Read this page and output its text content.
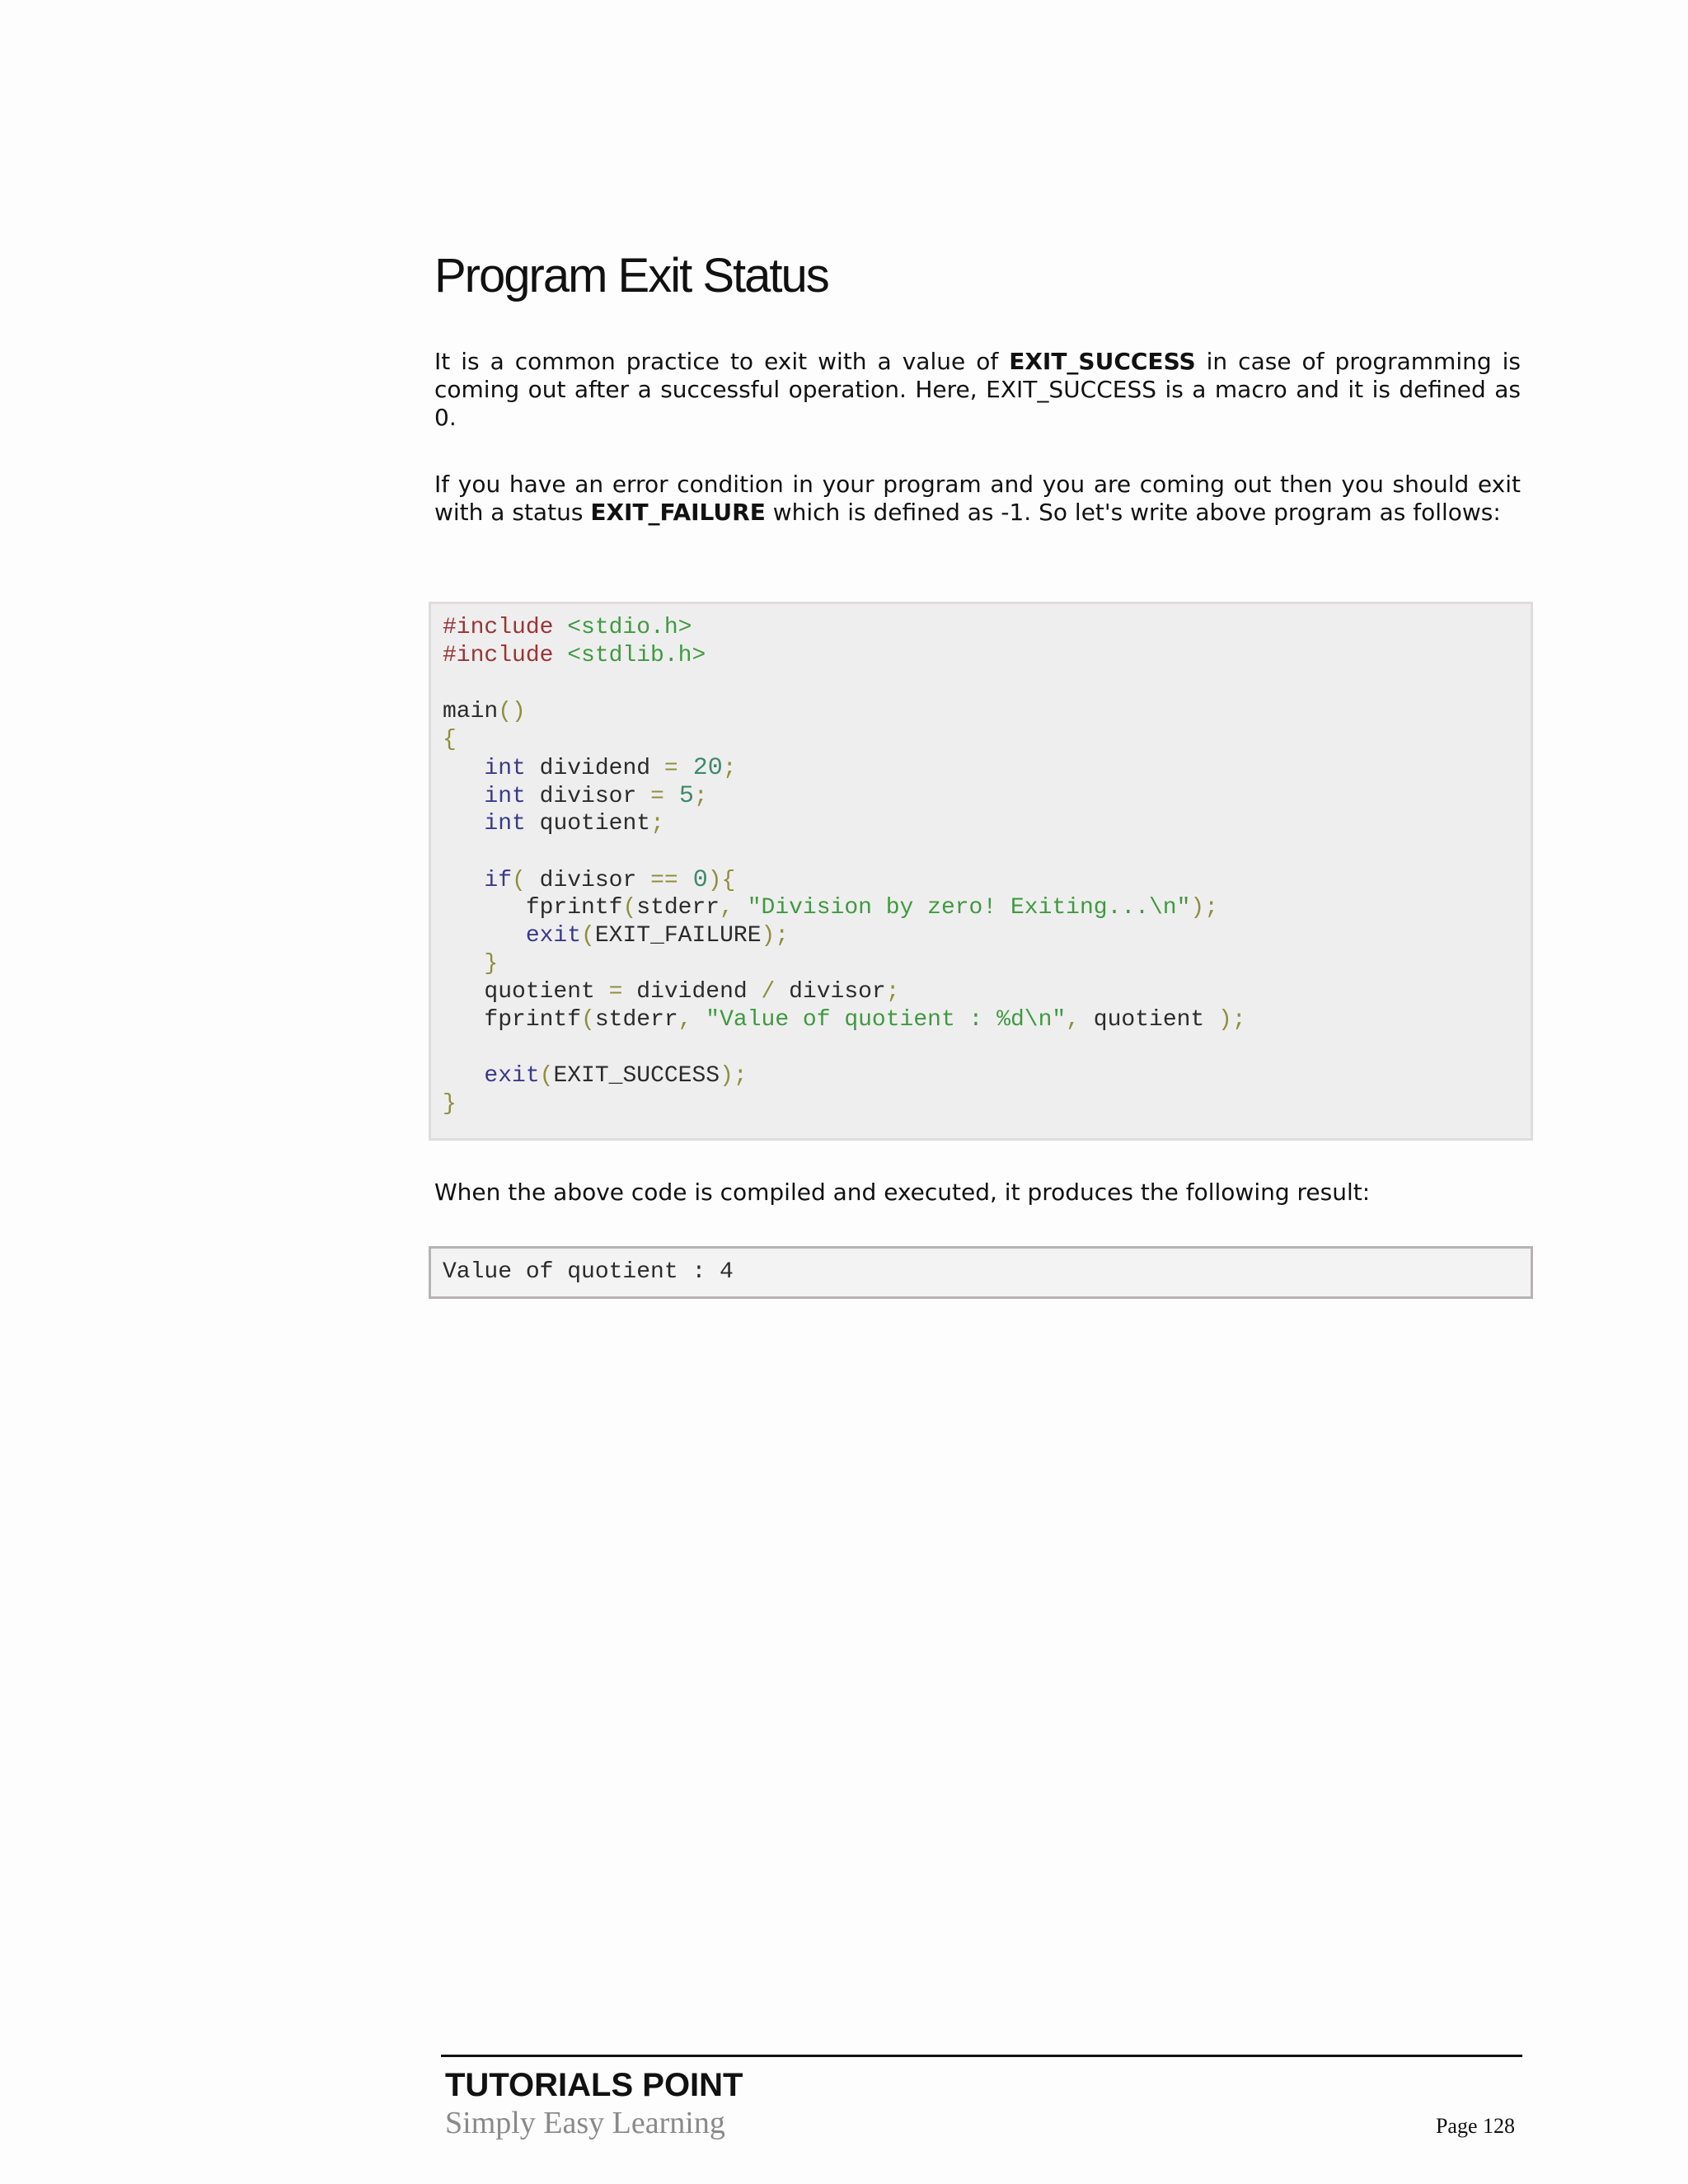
Program Exit Status

It is a common practice to exit with a value of EXIT_SUCCESS in case of programming is coming out after a successful operation. Here, EXIT_SUCCESS is a macro and it is defined as 0.

If you have an error condition in your program and you are coming out then you should exit with a status EXIT_FAILURE which is defined as -1. So let's write above program as follows:

#include <stdio.h>
#include <stdlib.h>
main()
{
int dividend = 20;
int divisor = 5;
int quotient;
if( divisor == 0){
fprintf(stderr, "Division by zero! Exiting...\n");
exit(EXIT_FAILURE);
}
quotient = dividend / divisor;
fprintf(stderr, "Value of quotient : %d\n", quotient );
exit(EXIT_SUCCESS);
}
When the above code is compiled and executed, it produces the following result:
Value of quotient : 4
TUTORIALS POINT
Simply Easy Learning	Page 128
